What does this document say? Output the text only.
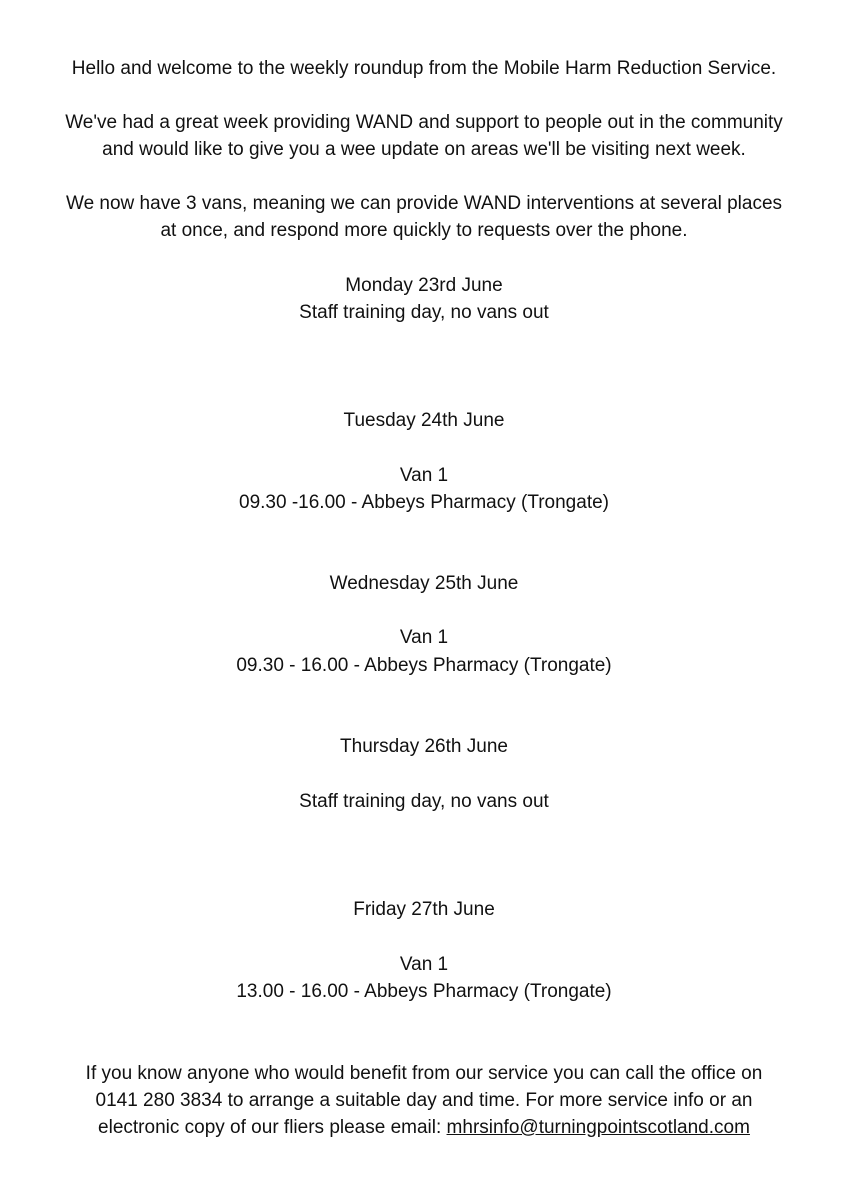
Hello and welcome to the weekly roundup from the Mobile Harm Reduction Service.
We've had a great week providing WAND and support to people out in the community
and would like to give you a wee update on areas we'll be visiting next week.
We now have 3 vans, meaning we can provide WAND interventions at several places
at once, and respond more quickly to requests over the phone.
Monday 23rd June
Staff training day, no vans out
Tuesday 24th June
Van 1
09.30 -16.00 - Abbeys Pharmacy (Trongate)
Wednesday 25th June
Van 1
09.30 - 16.00 - Abbeys Pharmacy (Trongate)
Thursday 26th June
Staff training day, no vans out
Friday 27th June
Van 1
13.00 - 16.00 - Abbeys Pharmacy (Trongate)
If you know anyone who would benefit from our service you can call the office on
0141 280 3834 to arrange a suitable day and time. For more service info or an
electronic copy of our fliers please email: mhrsinfo@turningpointscotland.com
